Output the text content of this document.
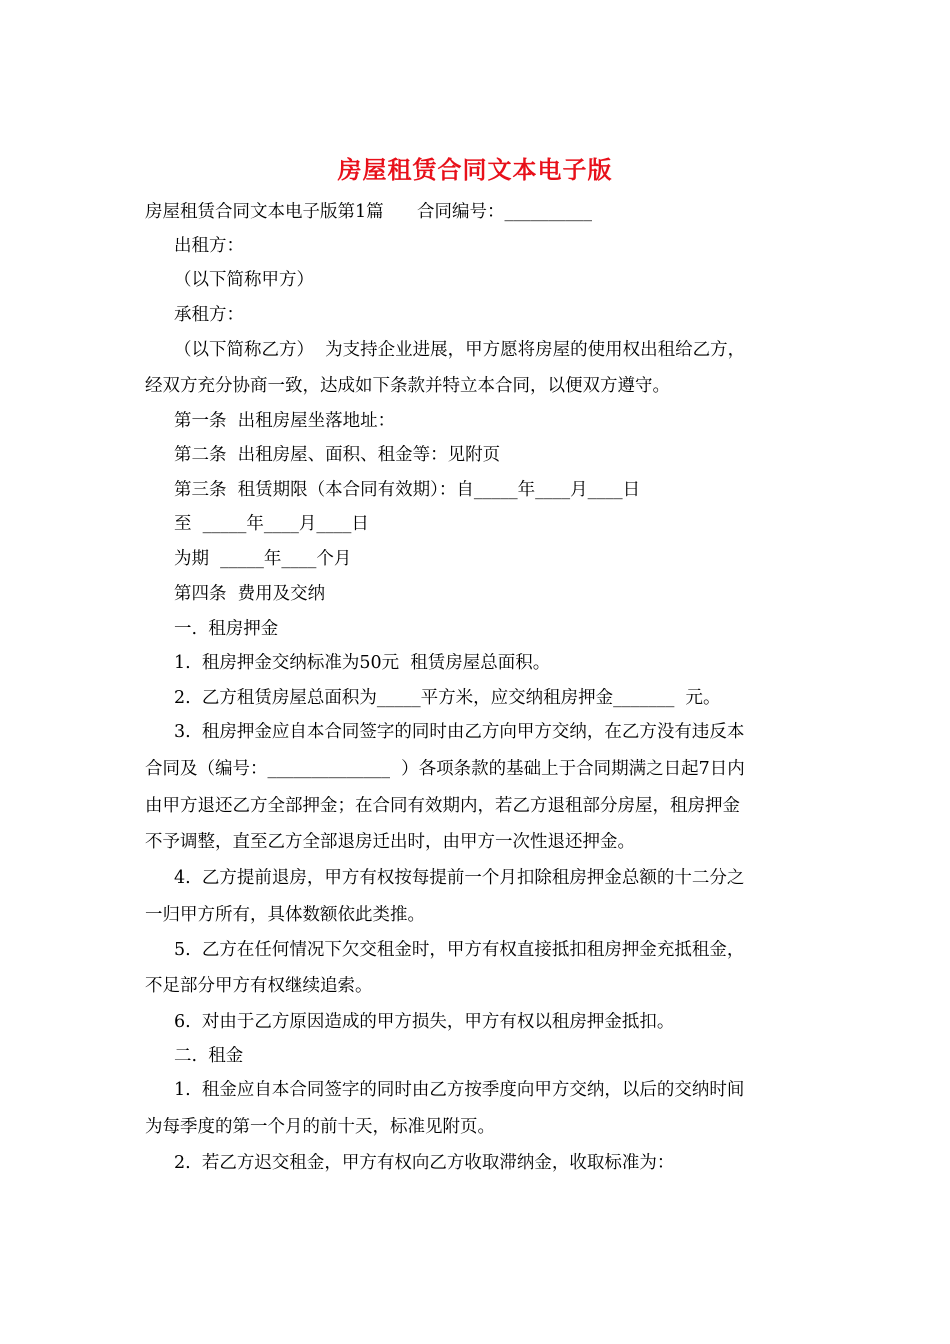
房屋租赁合同文本电子版
房屋租赁合同文本电子版第1篇      合同编号：__________
出租方：
（以下简称甲方）
承租方：
（以下简称乙方）  为支持企业进展，甲方愿将房屋的使用权出租给乙方，
经双方充分协商一致，达成如下条款并特立本合同，以便双方遵守。
第一条  出租房屋坐落地址：
第二条  出租房屋、面积、租金等：见附页
第三条  租赁期限（本合同有效期）：自_____年____月____日
至  _____年____月____日
为期  _____年____个月
第四条  费用及交纳
一.  租房押金
1.  租房押金交纳标准为50元  租赁房屋总面积。
2.  乙方租赁房屋总面积为_____平方米，应交纳租房押金_______  元。
3.  租房押金应自本合同签字的同时由乙方向甲方交纳，在乙方没有违反本
合同及（编号：______________  ）各项条款的基础上于合同期满之日起7日内
由甲方退还乙方全部押金；在合同有效期内，若乙方退租部分房屋，租房押金
不予调整，直至乙方全部退房迁出时，由甲方一次性退还押金。
4.  乙方提前退房，甲方有权按每提前一个月扣除租房押金总额的十二分之
一归甲方所有，具体数额依此类推。
5.  乙方在任何情况下欠交租金时，甲方有权直接抵扣租房押金充抵租金，
不足部分甲方有权继续追索。
6.  对由于乙方原因造成的甲方损失，甲方有权以租房押金抵扣。
二.  租金
1.  租金应自本合同签字的同时由乙方按季度向甲方交纳，以后的交纳时间
为每季度的第一个月的前十天，标准见附页。
2.  若乙方迟交租金，甲方有权向乙方收取滞纳金，收取标准为：
